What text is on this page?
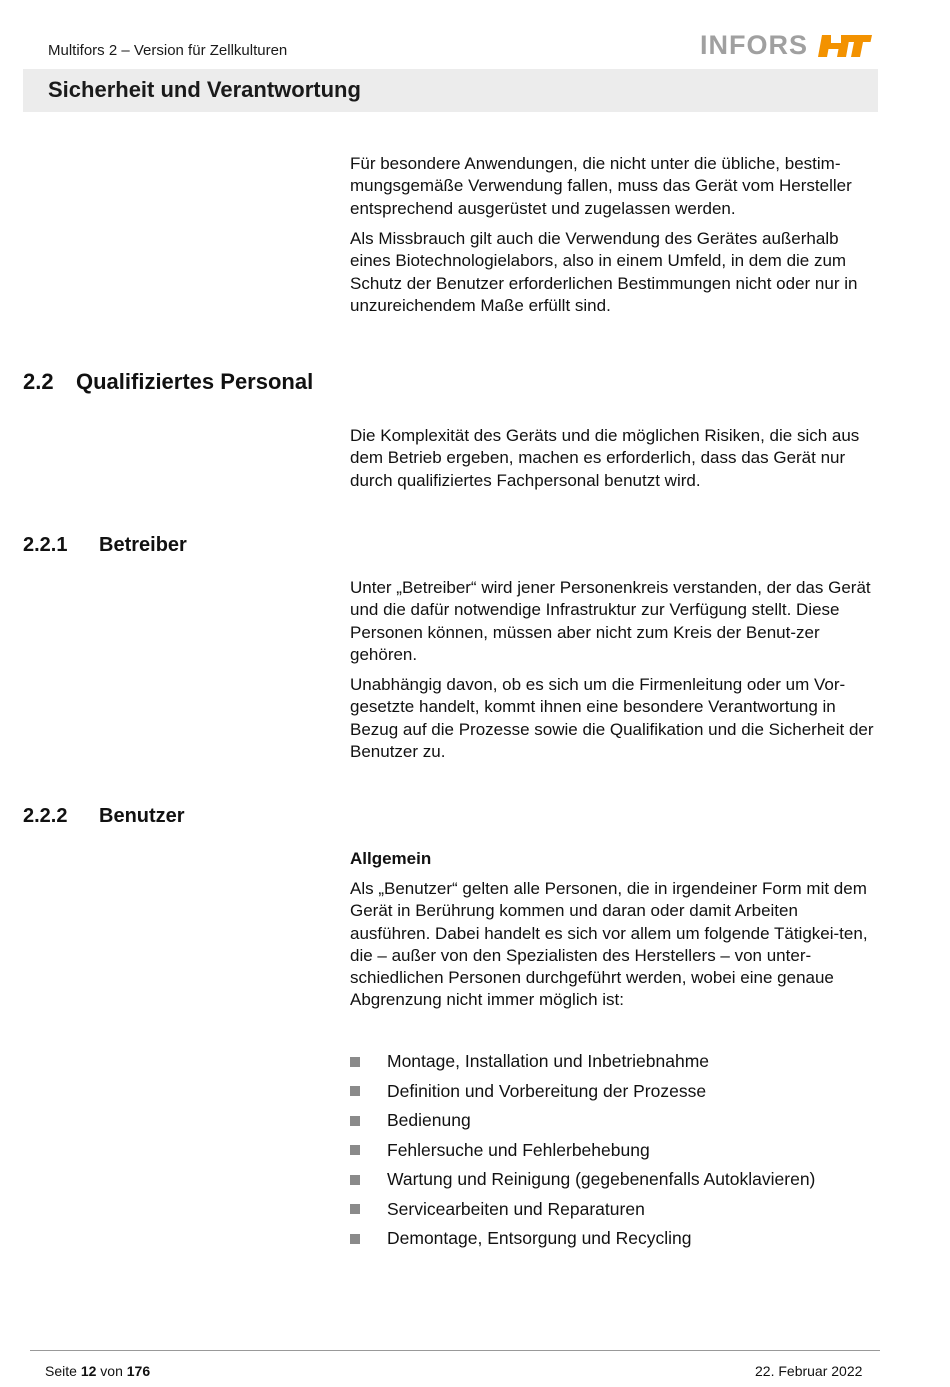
Multifors 2 – Version für Zellkulturen	INFORS
Sicherheit und Verantwortung

Für besondere Anwendungen, die nicht unter die übliche, bestim-mungsgemäße Verwendung fallen, muss das Gerät vom Hersteller entsprechend ausgerüstet und zugelassen werden.

Als Missbrauch gilt auch die Verwendung des Gerätes außerhalb eines Biotechnologielabors, also in einem Umfeld, in dem die zum Schutz der Benutzer erforderlichen Bestimmungen nicht oder nur in unzureichendem Maße erfüllt sind.

2.2 Qualifiziertes Personal

Die Komplexität des Geräts und die möglichen Risiken, die sich aus dem Betrieb ergeben, machen es erforderlich, dass das Gerät nur durch qualifiziertes Fachpersonal benutzt wird.

2.2.1 Betreiber

Unter „Betreiber“ wird jener Personenkreis verstanden, der das Gerät und die dafür notwendige Infrastruktur zur Verfügung stellt. Diese Personen können, müssen aber nicht zum Kreis der Benut-zer gehören.

Unabhängig davon, ob es sich um die Firmenleitung oder um Vor-gesetzte handelt, kommt ihnen eine besondere Verantwortung in Bezug auf die Prozesse sowie die Qualifikation und die Sicherheit der Benutzer zu.

2.2.2 Benutzer
Allgemein

Als „Benutzer“ gelten alle Personen, die in irgendeiner Form mit dem Gerät in Berührung kommen und daran oder damit Arbeiten ausführen. Dabei handelt es sich vor allem um folgende Tätigkei-ten, die – außer von den Spezialisten des Herstellers – von unter-schiedlichen Personen durchgeführt werden, wobei eine genaue Abgrenzung nicht immer möglich ist:

Montage, Installation und Inbetriebnahme
Definition und Vorbereitung der Prozesse
Bedienung
Fehlersuche und Fehlerbehebung
Wartung und Reinigung (gegebenenfalls Autoklavieren)
Servicearbeiten und Reparaturen
Demontage, Entsorgung und Recycling
Seite 12 von 176	22. Februar 2022
